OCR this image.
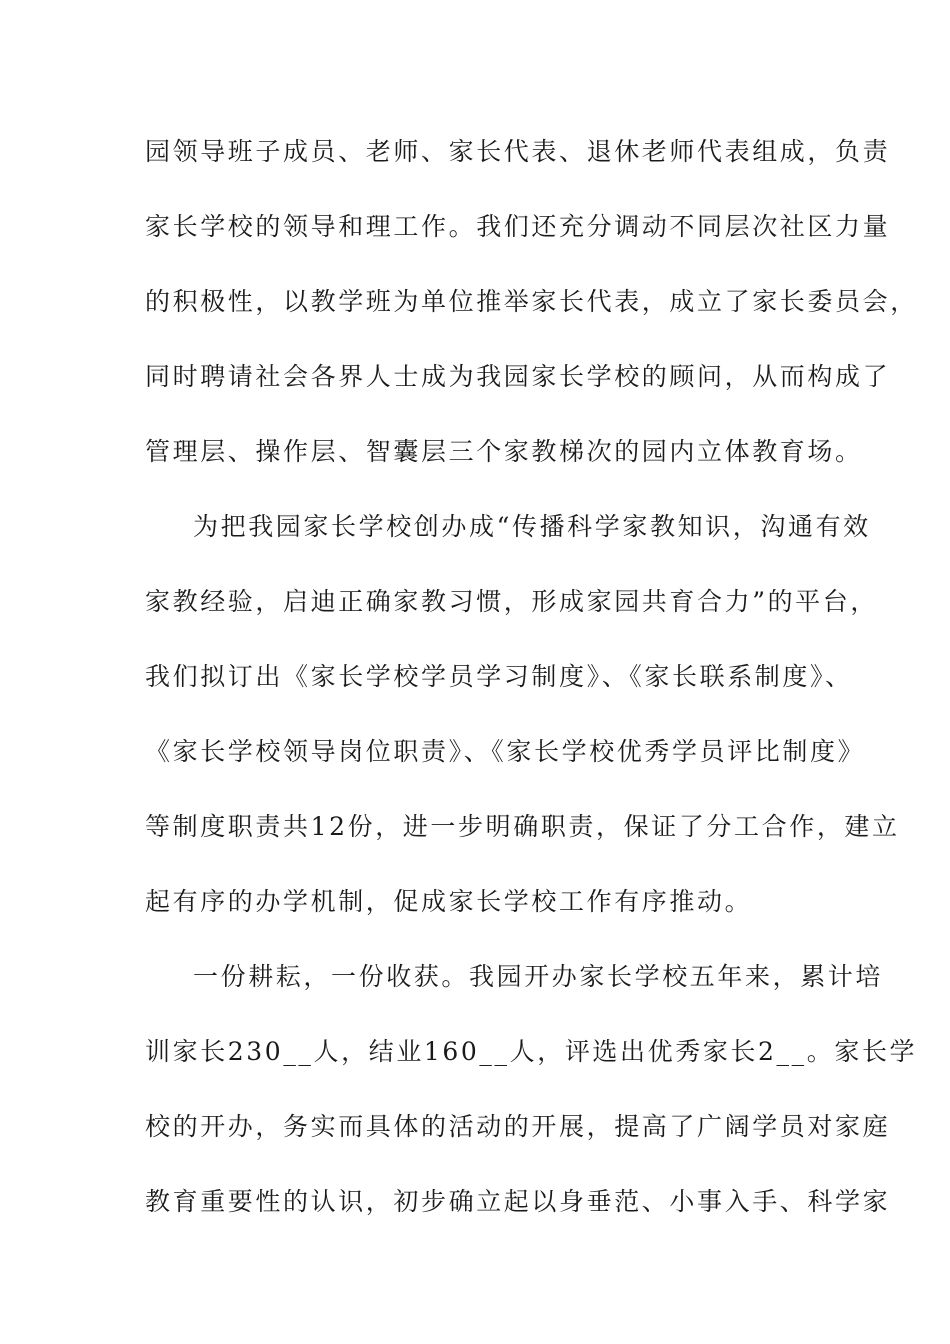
园领导班子成员、老师、家长代表、退休老师代表组成，负责
家长学校的领导和理工作。我们还充分调动不同层次社区力量
的积极性，以教学班为单位推举家长代表，成立了家长委员会，
同时聘请社会各界人士成为我园家长学校的顾问，从而构成了
管理层、操作层、智囊层三个家教梯次的园内立体教育场。
为把我园家长学校创办成“传播科学家教知识，沟通有效
家教经验，启迪正确家教习惯，形成家园共育合力”的平台，
我们拟订出《家长学校学员学习制度》、《家长联系制度》、
《家长学校领导岗位职责》、《家长学校优秀学员评比制度》
等制度职责共12份，进一步明确职责，保证了分工合作，建立
起有序的办学机制，促成家长学校工作有序推动。
一份耕耘，一份收获。我园开办家长学校五年来，累计培
训家长230__人，结业160__人，评选出优秀家长2__。家长学
校的开办，务实而具体的活动的开展，提高了广阔学员对家庭
教育重要性的认识，初步确立起以身垂范、小事入手、科学家
